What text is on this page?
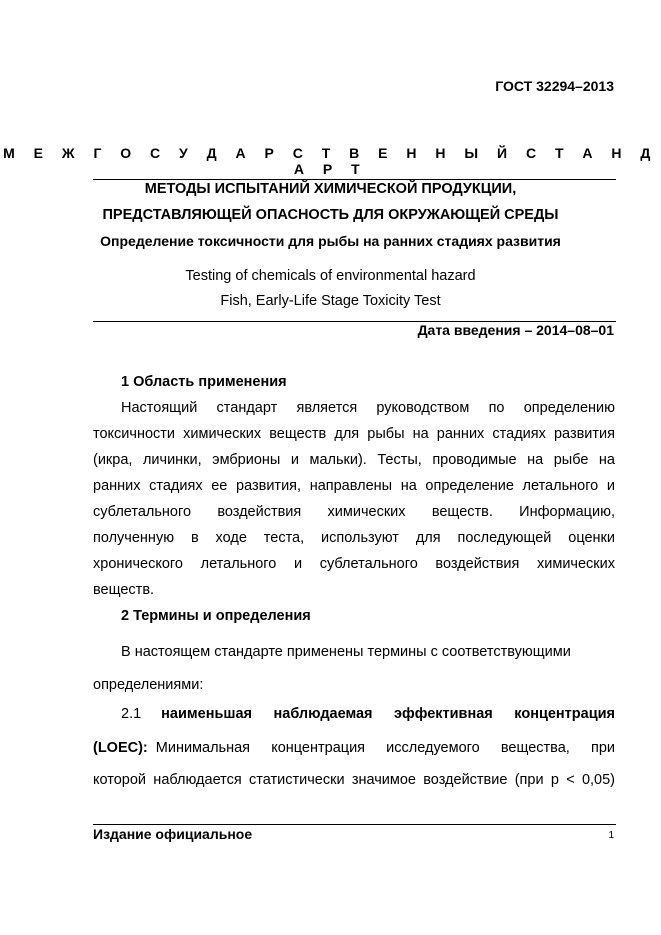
ГОСТ 32294–2013
М Е Ж Г О С У Д А Р С Т В Е Н Н Ы Й С Т А Н Д А Р Т
МЕТОДЫ ИСПЫТАНИЙ ХИМИЧЕСКОЙ ПРОДУКЦИИ,
ПРЕДСТАВЛЯЮЩЕЙ ОПАСНОСТЬ ДЛЯ ОКРУЖАЮЩЕЙ СРЕДЫ
Определение токсичности для рыбы на ранних стадиях развития
Testing of chemicals of environmental hazard
Fish, Early-Life Stage Toxicity Test
Дата введения – 2014–08–01
1 Область применения
Настоящий стандарт является руководством по определению
токсичности химических веществ для рыбы на ранних стадиях развития
(икра, личинки, эмбрионы и мальки). Тесты, проводимые на рыбе на
ранних стадиях ее развития, направлены на определение летального и
сублетального воздействия химических веществ. Информацию,
полученную в ходе теста, используют для последующей оценки
хронического летального и сублетального воздействия химических
веществ.
2 Термины и определения
В настоящем стандарте применены термины с соответствующими
определениями:
2.1 наименьшая наблюдаемая эффективная концентрация
(LOEC): Минимальная концентрация исследуемого вещества, при
которой наблюдается статистически значимое воздействие (при p < 0,05)
Издание официальное	1
